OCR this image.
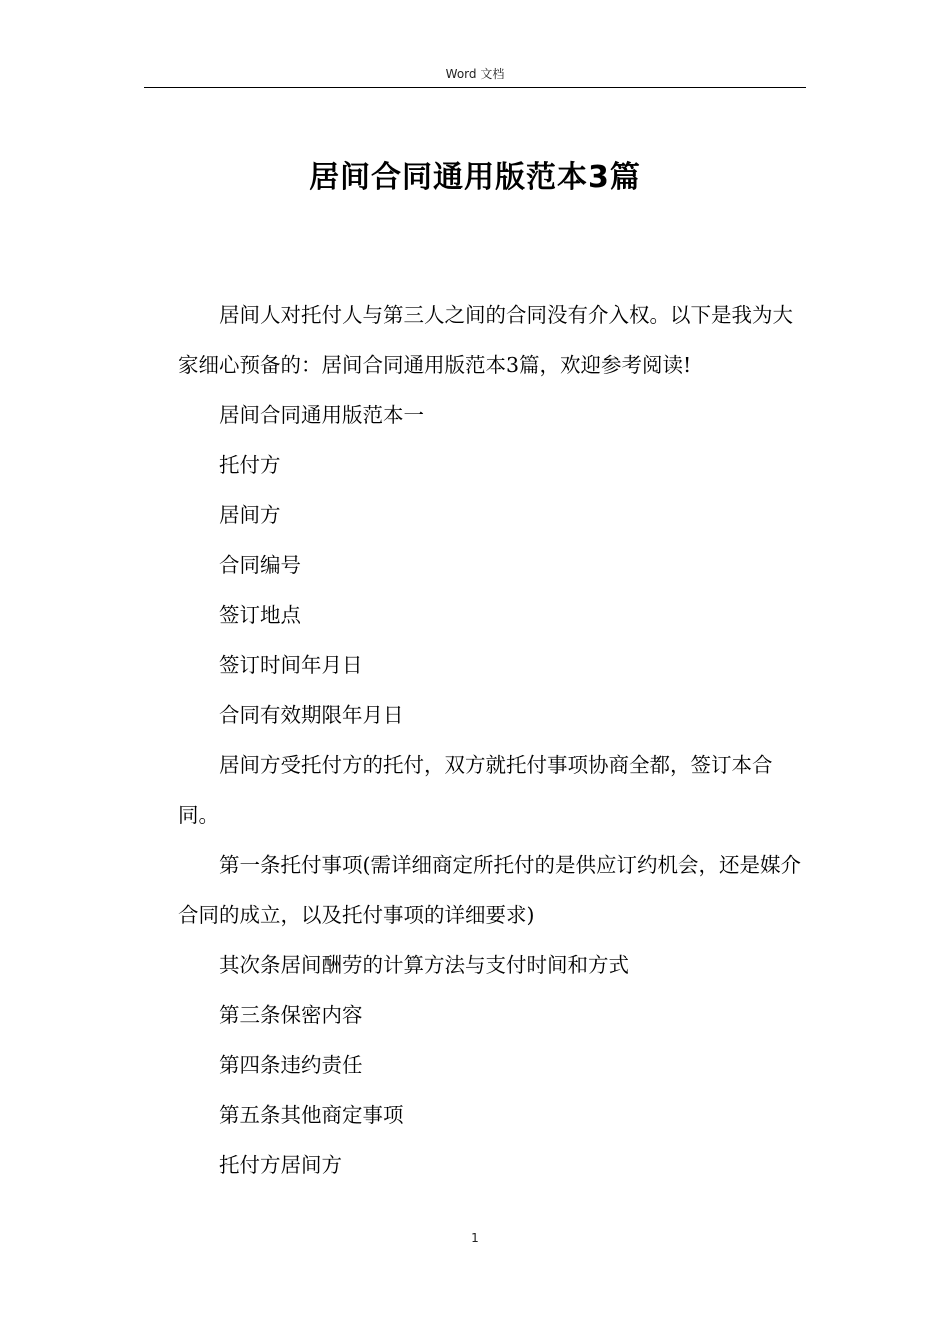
Word 文档
居间合同通用版范本3篇

居间人对托付人与第三人之间的合同没有介入权。以下是我为大家细心预备的：居间合同通用版范本3篇，欢迎参考阅读!

居间合同通用版范本一

托付方

居间方

合同编号

签订地点

签订时间年月日

合同有效期限年月日

居间方受托付方的托付，双方就托付事项协商全都，签订本合同。

第一条托付事项(需详细商定所托付的是供应订约机会，还是媒介合同的成立，以及托付事项的详细要求)

其次条居间酬劳的计算方法与支付时间和方式

第三条保密内容

第四条违约责任

第五条其他商定事项

托付方居间方

1
